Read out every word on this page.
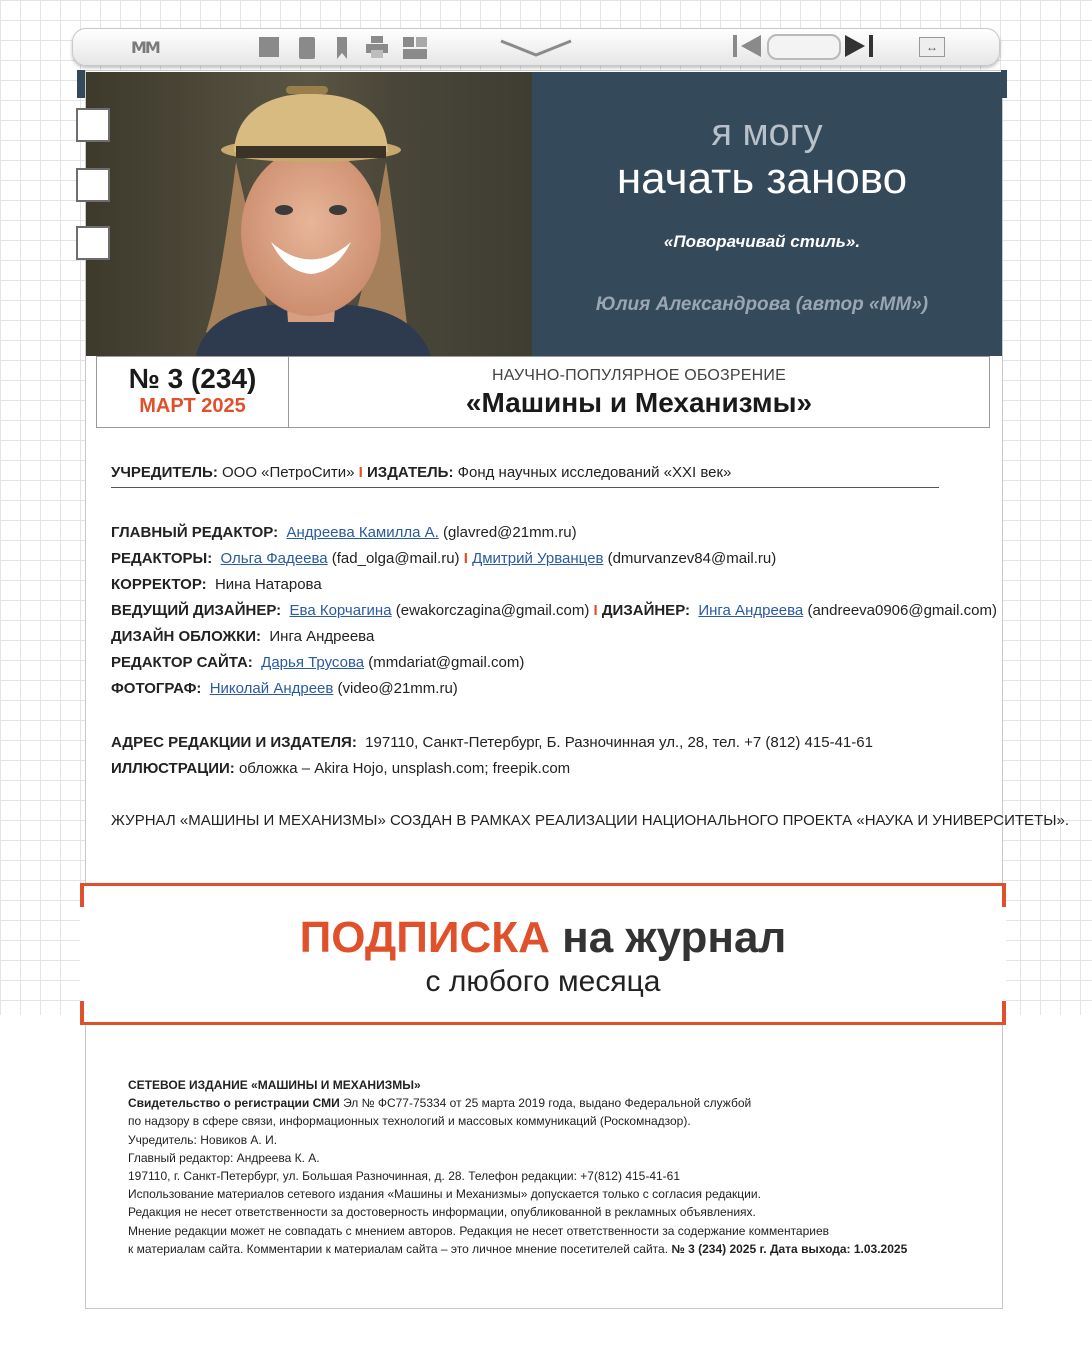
MM	↔
я могу
начать заново
«Поворачивай стиль».
Юлия Александрова (автор «ММ»)
№ 3 (234)
МАРТ 2025
НАУЧНО-ПОПУЛЯРНОЕ ОБОЗРЕНИЕ
«Машины и Механизмы»
УЧРЕДИТЕЛЬ: ООО «ПетроСити» I ИЗДАТЕЛЬ: Фонд научных исследований «XXI век»
ГЛАВНЫЙ РЕДАКТОР: Андреева Камилла А. (glavred@21mm.ru)
РЕДАКТОРЫ: Ольга Фадеева (fad_olga@mail.ru) I Дмитрий Урванцев (dmurvanzev84@mail.ru)
КОРРЕКТОР: Нина Натарова
ВЕДУЩИЙ ДИЗАЙНЕР: Ева Корчагина (ewakorczagina@gmail.com) I ДИЗАЙНЕР: Инга Андреева (andreeva0906@gmail.com)
ДИЗАЙН ОБЛОЖКИ: Инга Андреева
РЕДАКТОР САЙТА: Дарья Трусова (mmdariat@gmail.com)
ФОТОГРАФ: Николай Андреев (video@21mm.ru)
АДРЕС РЕДАКЦИИ И ИЗДАТЕЛЯ: 197110, Санкт-Петербург, Б. Разночинная ул., 28, тел. +7 (812) 415-41-61
ИЛЛЮСТРАЦИИ: обложка – Akira Hojo, unsplash.com; freepik.com
ЖУРНАЛ «МАШИНЫ И МЕХАНИЗМЫ» СОЗДАН В РАМКАХ РЕАЛИЗАЦИИ НАЦИОНАЛЬНОГО ПРОЕКТА «НАУКА И УНИВЕРСИТЕТЫ».
ПОДПИСКА на журнал
с любого месяца
СЕТЕВОЕ ИЗДАНИЕ «МАШИНЫ И МЕХАНИЗМЫ»
Свидетельство о регистрации СМИ Эл № ФС77-75334 от 25 марта 2019 года, выдано Федеральной службой
по надзору в сфере связи, информационных технологий и массовых коммуникаций (Роскомнадзор).
Учредитель: Новиков А. И.
Главный редактор: Андреева К. А.
197110, г. Санкт-Петербург, ул. Большая Разночинная, д. 28. Телефон редакции: +7(812) 415-41-61
Использование материалов сетевого издания «Машины и Механизмы» допускается только с согласия редакции.
Редакция не несет ответственности за достоверность информации, опубликованной в рекламных объявлениях.
Мнение редакции может не совпадать с мнением авторов. Редакция не несет ответственности за содержание комментариев
к материалам сайта. Комментарии к материалам сайта – это личное мнение посетителей сайта. № 3 (234) 2025 г. Дата выхода: 1.03.2025
